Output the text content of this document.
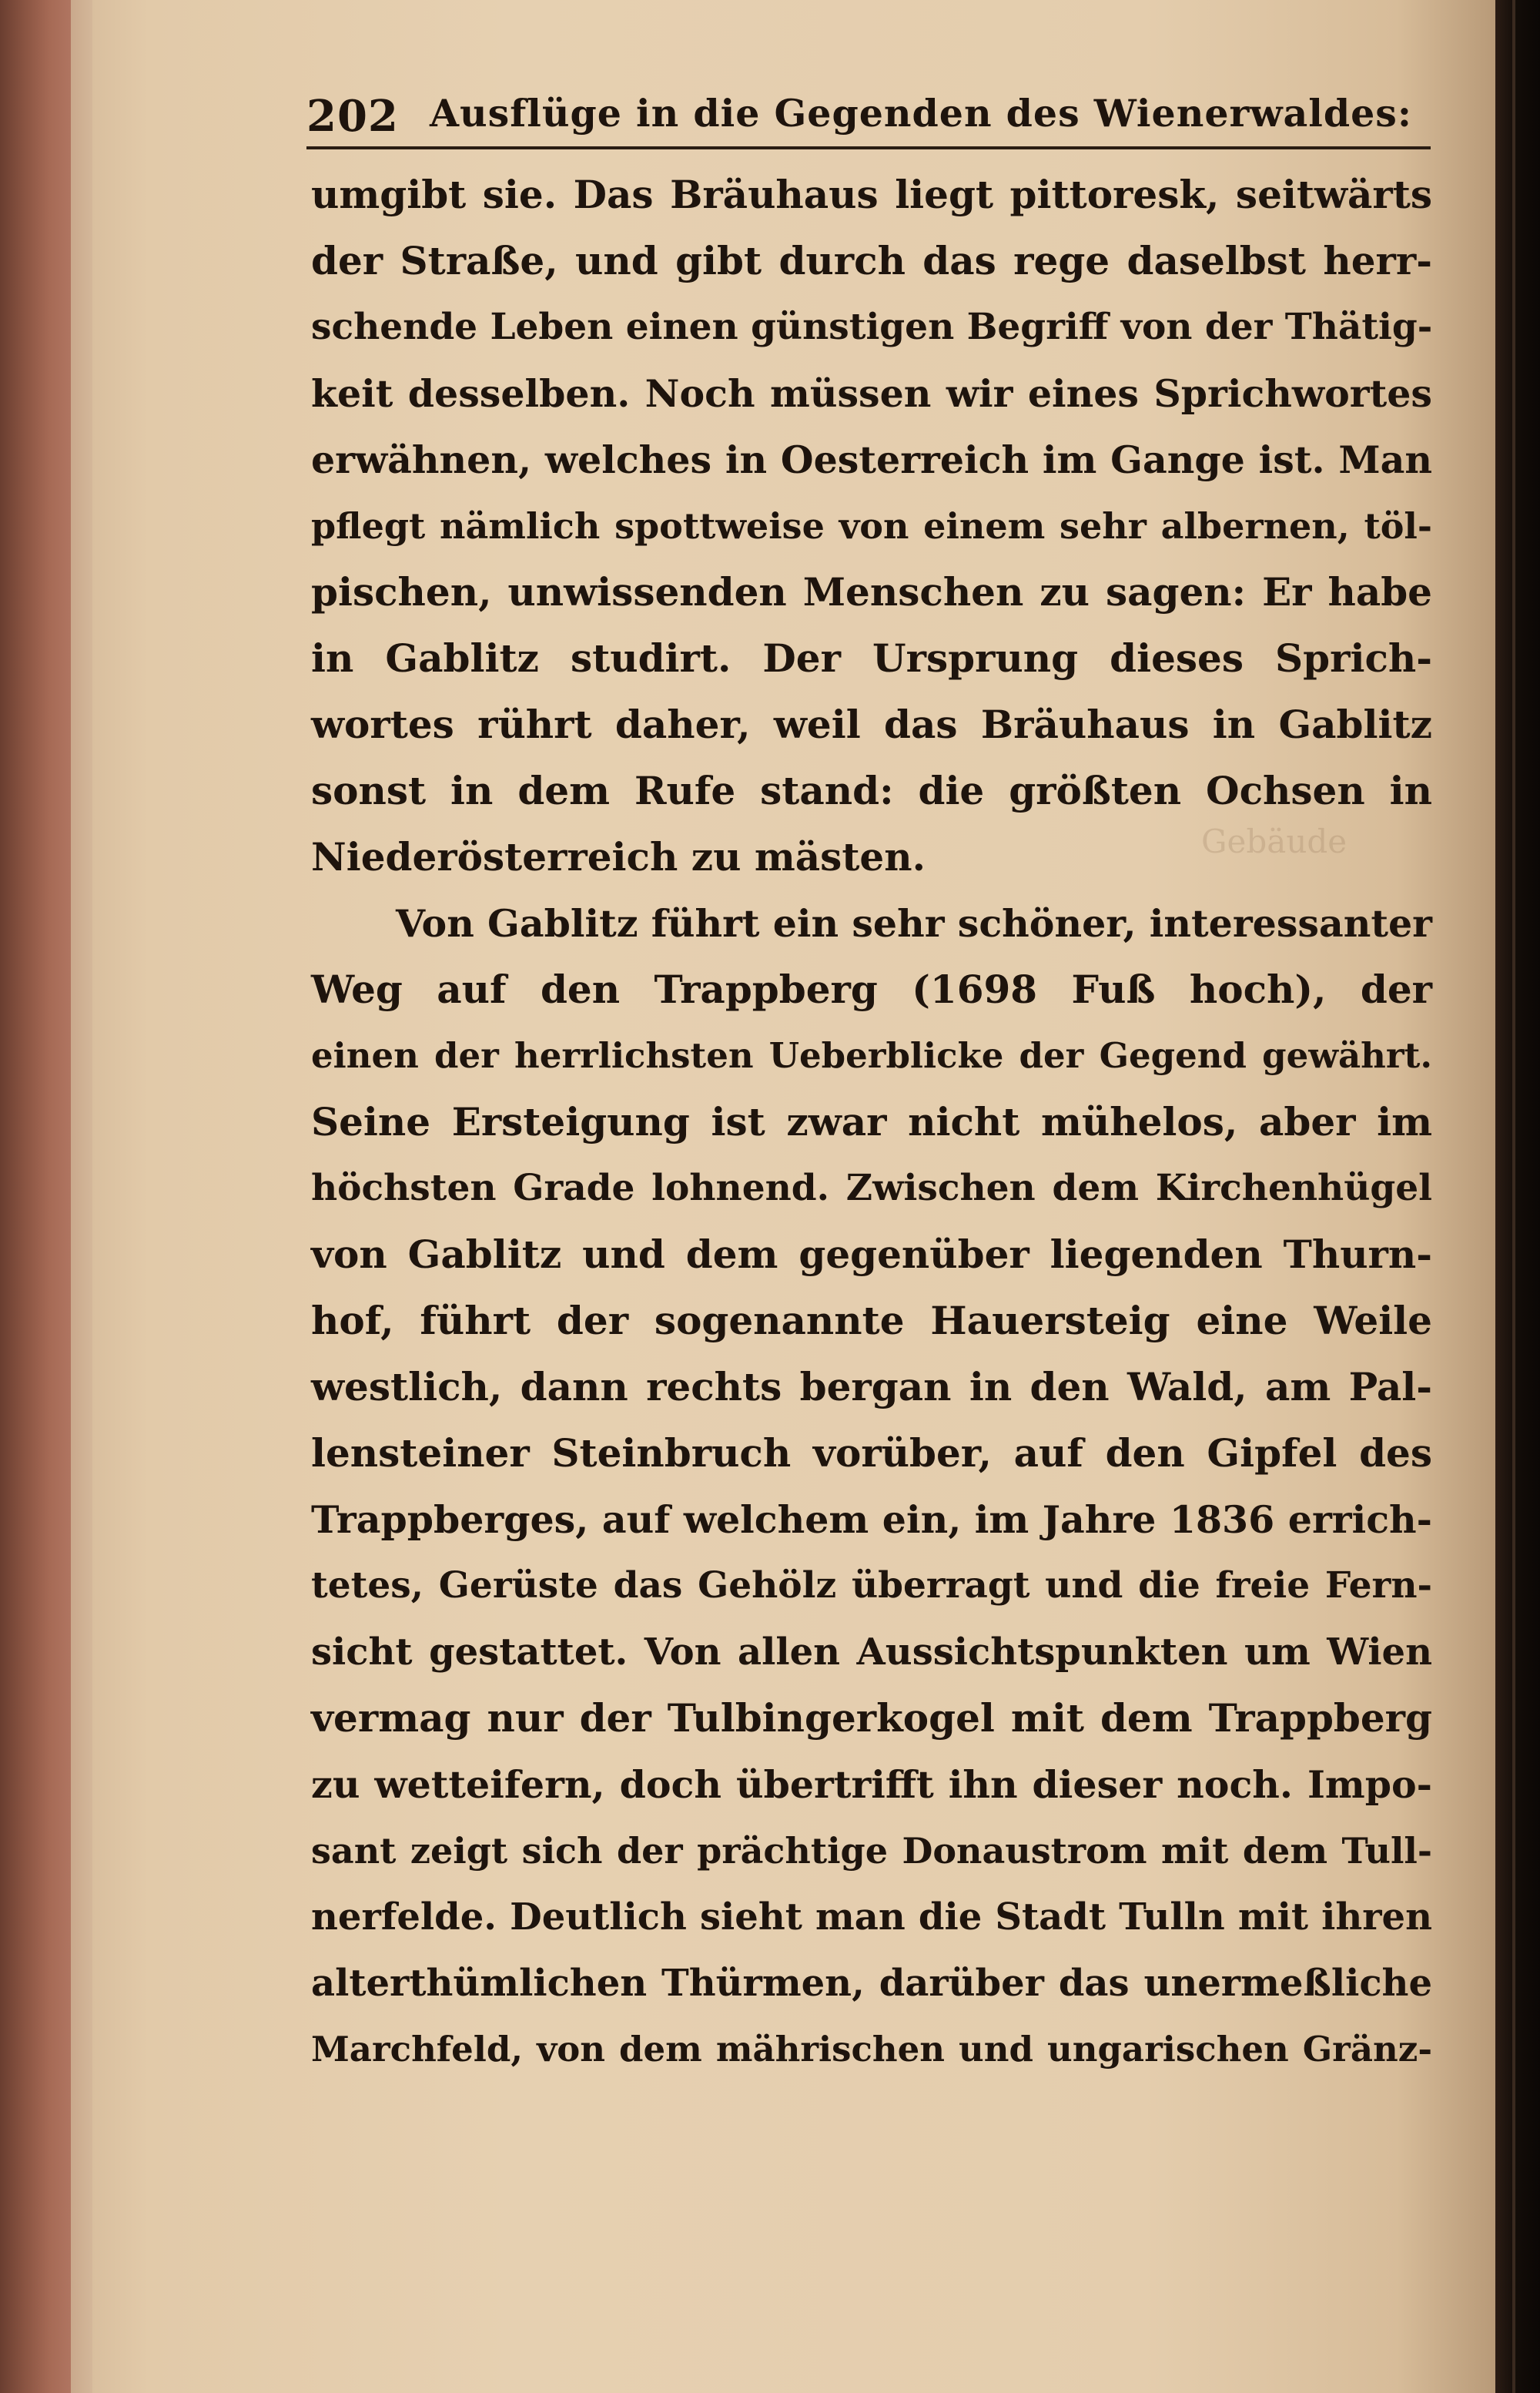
Gebäude
202 Ausflüge in die Gegenden des Wienerwaldes:
umgibt sie. Das Bräuhaus liegt pittoresk, seitwärts
der Straße, und gibt durch das rege daselbst herr-
schende Leben einen günstigen Begriff von der Thätig-
keit desselben. Noch müssen wir eines Sprichwortes
erwähnen, welches in Oesterreich im Gange ist. Man
pflegt nämlich spottweise von einem sehr albernen, töl-
pischen, unwissenden Menschen zu sagen: Er habe
in Gablitz studirt. Der Ursprung dieses Sprich-
wortes rührt daher, weil das Bräuhaus in Gablitz
sonst in dem Rufe stand: die größten Ochsen in
Niederösterreich zu mästen.
Von Gablitz führt ein sehr schöner, interessanter
Weg auf den Trappberg (1698 Fuß hoch), der
einen der herrlichsten Ueberblicke der Gegend gewährt.
Seine Ersteigung ist zwar nicht mühelos, aber im
höchsten Grade lohnend. Zwischen dem Kirchenhügel
von Gablitz und dem gegenüber liegenden Thurn-
hof, führt der sogenannte Hauersteig eine Weile
westlich, dann rechts bergan in den Wald, am Pal-
lensteiner Steinbruch vorüber, auf den Gipfel des
Trappberges, auf welchem ein, im Jahre 1836 errich-
tetes, Gerüste das Gehölz überragt und die freie Fern-
sicht gestattet. Von allen Aussichtspunkten um Wien
vermag nur der Tulbingerkogel mit dem Trappberg
zu wetteifern, doch übertrifft ihn dieser noch. Impo-
sant zeigt sich der prächtige Donaustrom mit dem Tull-
nerfelde. Deutlich sieht man die Stadt Tulln mit ihren
alterthümlichen Thürmen, darüber das unermeßliche
Marchfeld, von dem mährischen und ungarischen Gränz-
